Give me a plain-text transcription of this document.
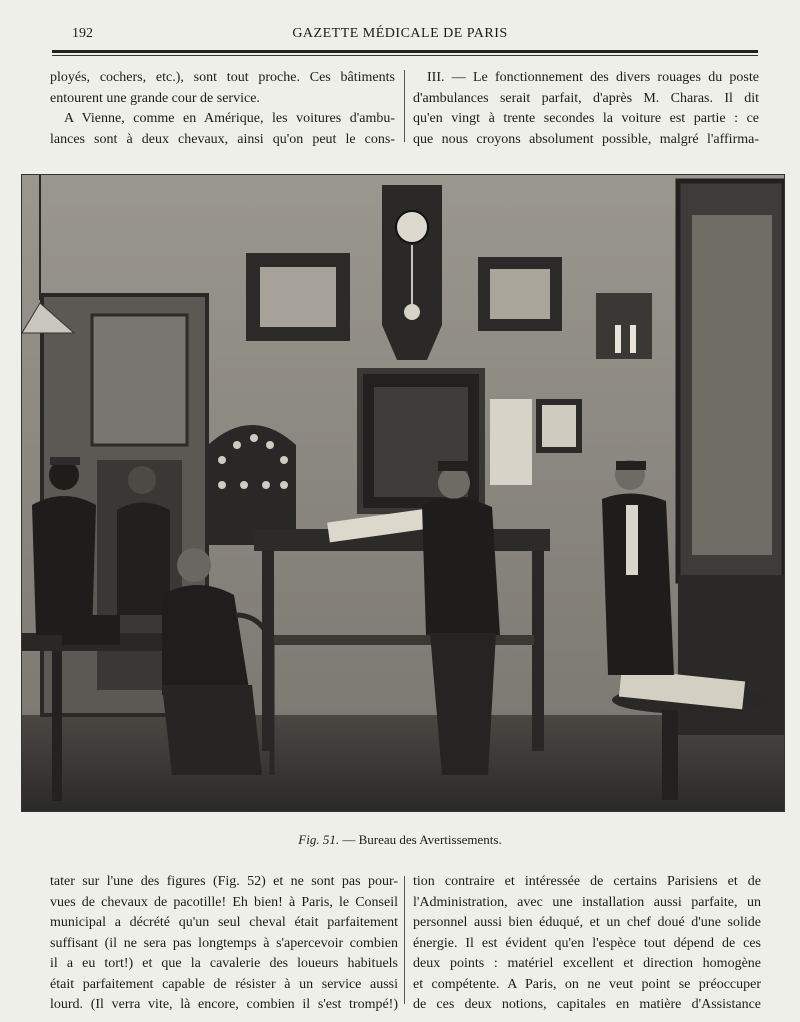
192	GAZETTE MÉDICALE DE PARIS
ployés, cochers, etc.), sont tout proche. Ces bâtiments
entourent une grande cour de service.
A Vienne, comme en Amérique, les voitures d'ambu-
lances sont à deux chevaux, ainsi qu'on peut le cons-
III. — Le fonctionnement des divers rouages du poste
d'ambulances serait parfait, d'après M. Charas. Il dit
qu'en vingt à trente secondes la voiture est partie : ce
que nous croyons absolument possible, malgré l'affirma-
Fig. 51. — Bureau des Avertissements.
tater sur l'une des figures (Fig. 52) et ne sont pas pour-
vues de chevaux de pacotille! Eh bien! à Paris, le Conseil
municipal a décrété qu'un seul cheval était parfaitement
suffisant (il ne sera pas longtemps à s'apercevoir combien
il a eu tort!) et que la cavalerie des loueurs habituels
était parfaitement capable de résister à un service aussi
lourd. (Il verra vite, là encore, combien il s'est trompé!)
tion contraire et intéressée de certains Parisiens et de
l'Administration, avec une installation aussi parfaite, un
personnel aussi bien éduqué, et un chef doué d'une solide
énergie. Il est évident qu'en l'espèce tout dépend de ces
deux points : matériel excellent et direction homogène
et compétente. A Paris, on ne veut point se préoccuper
de ces deux notions, capitales en matière d'Assistance
